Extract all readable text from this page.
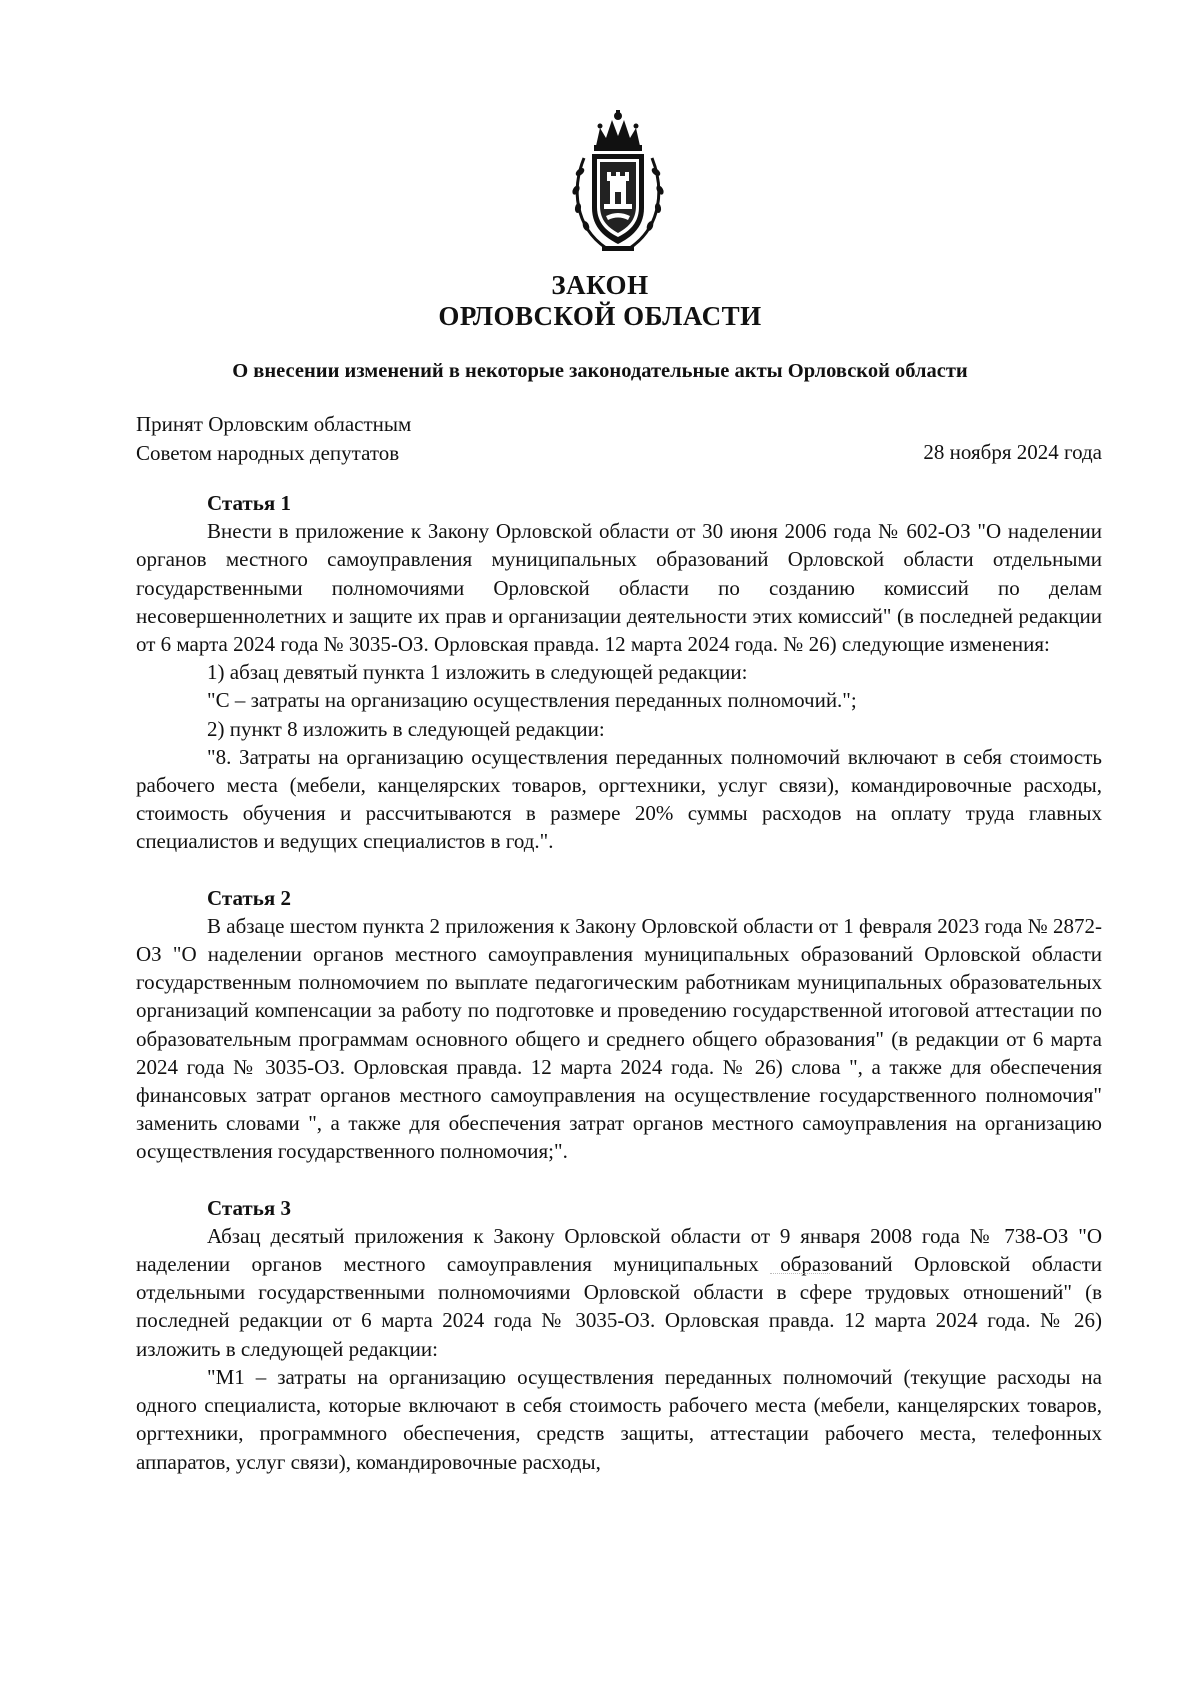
ЗАКОН
ОРЛОВСКОЙ ОБЛАСТИ
О внесении изменений в некоторые законодательные акты Орловской области
Принят Орловским областным
Советом народных депутатов	28 ноября 2024 года
Статья 1

Внести в приложение к Закону Орловской области от 30 июня 2006 года № 602-ОЗ "О наделении органов местного самоуправления муниципальных образований Орловской области отдельными государственными полномочиями Орловской области по созданию комиссий по делам несовершеннолетних и защите их прав и организации деятельности этих комиссий" (в последней редакции от 6 марта 2024 года № 3035-ОЗ. Орловская правда. 12 марта 2024 года. № 26) следующие изменения:

1) абзац девятый пункта 1 изложить в следующей редакции:

"С – затраты на организацию осуществления переданных полномочий.";

2) пункт 8 изложить в следующей редакции:

"8. Затраты на организацию осуществления переданных полномочий включают в себя стоимость рабочего места (мебели, канцелярских товаров, оргтехники, услуг связи), командировочные расходы, стоимость обучения и рассчитываются в размере 20% суммы расходов на оплату труда главных специалистов и ведущих специалистов в год.".

Статья 2

В абзаце шестом пункта 2 приложения к Закону Орловской области от 1 февраля 2023 года № 2872-ОЗ "О наделении органов местного самоуправления муниципальных образований Орловской области государственным полномочием по выплате педагогическим работникам муниципальных образовательных организаций компенсации за работу по подготовке и проведению государственной итоговой аттестации по образовательным программам основного общего и среднего общего образования" (в редакции от 6 марта 2024 года № 3035-ОЗ. Орловская правда. 12 марта 2024 года. № 26) слова ", а также для обеспечения финансовых затрат органов местного самоуправления на осуществление государственного полномочия" заменить словами ", а также для обеспечения затрат органов местного самоуправления на организацию осуществления государственного полномочия;".

Статья 3

Абзац десятый приложения к Закону Орловской области от 9 января 2008 года № 738-ОЗ "О наделении органов местного самоуправления муниципальных образований Орловской области отдельными государственными полномочиями Орловской области в сфере трудовых отношений" (в последней редакции от 6 марта 2024 года № 3035-ОЗ. Орловская правда. 12 марта 2024 года. № 26) изложить в следующей редакции:

"М1 – затраты на организацию осуществления переданных полномочий (текущие расходы на одного специалиста, которые включают в себя стоимость рабочего места (мебели, канцелярских товаров, оргтехники, программного обеспечения, средств защиты, аттестации рабочего места, телефонных аппаратов, услуг связи), командировочные расходы,
